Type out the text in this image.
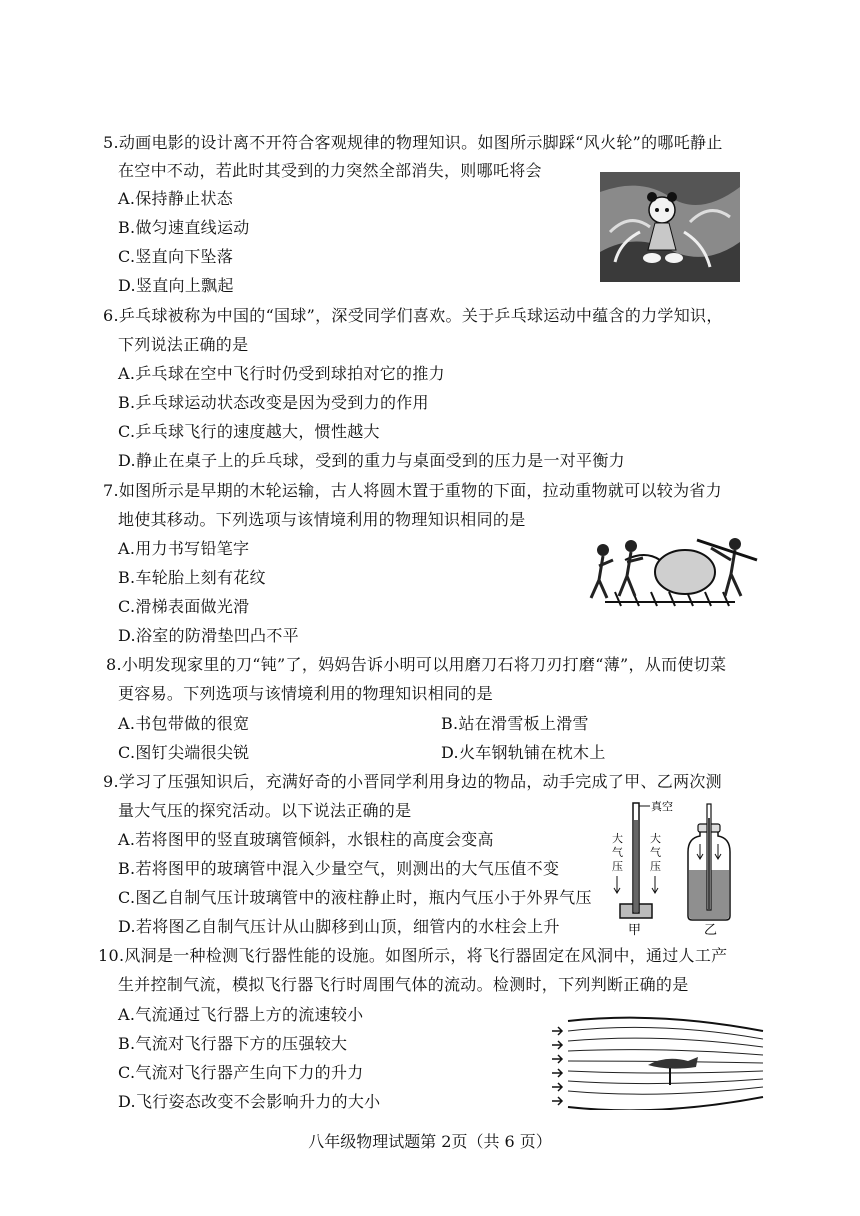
5.动画电影的设计离不开符合客观规律的物理知识。如图所示脚踩“风火轮”的哪吒静止
在空中不动，若此时其受到的力突然全部消失，则哪吒将会
A.保持静止状态
B.做匀速直线运动
C.竖直向下坠落
D.竖直向上飘起
6.乒乓球被称为中国的“国球”，深受同学们喜欢。关于乒乓球运动中蕴含的力学知识，
下列说法正确的是
A.乒乓球在空中飞行时仍受到球拍对它的推力
B.乒乓球运动状态改变是因为受到力的作用
C.乒乓球飞行的速度越大，惯性越大
D.静止在桌子上的乒乓球，受到的重力与桌面受到的压力是一对平衡力
7.如图所示是早期的木轮运输，古人将圆木置于重物的下面，拉动重物就可以较为省力
地使其移动。下列选项与该情境利用的物理知识相同的是
A.用力书写铅笔字
B.车轮胎上刻有花纹
C.滑梯表面做光滑
D.浴室的防滑垫凹凸不平
8.小明发现家里的刀“钝”了，妈妈告诉小明可以用磨刀石将刀刃打磨“薄”，从而使切菜
更容易。下列选项与该情境利用的物理知识相同的是
A.书包带做的很宽	B.站在滑雪板上滑雪
C.图钉尖端很尖锐	D.火车钢轨铺在枕木上
9.学习了压强知识后，充满好奇的小晋同学利用身边的物品，动手完成了甲、乙两次测
量大气压的探究活动。以下说法正确的是
A.若将图甲的竖直玻璃管倾斜，水银柱的高度会变高
B.若将图甲的玻璃管中混入少量空气，则测出的大气压值不变
C.图乙自制气压计玻璃管中的液柱静止时，瓶内气压小于外界气压
D.若将图乙自制气压计从山脚移到山顶，细管内的水柱会上升
真空
大
气
压
大
气
压
甲	乙
10.风洞是一种检测飞行器性能的设施。如图所示，将飞行器固定在风洞中，通过人工产
生并控制气流，模拟飞行器飞行时周围气体的流动。检测时，下列判断正确的是
A.气流通过飞行器上方的流速较小
B.气流对飞行器下方的压强较大
C.气流对飞行器产生向下力的升力
D.飞行姿态改变不会影响升力的大小
八年级物理试题第 2页（共 6 页）
